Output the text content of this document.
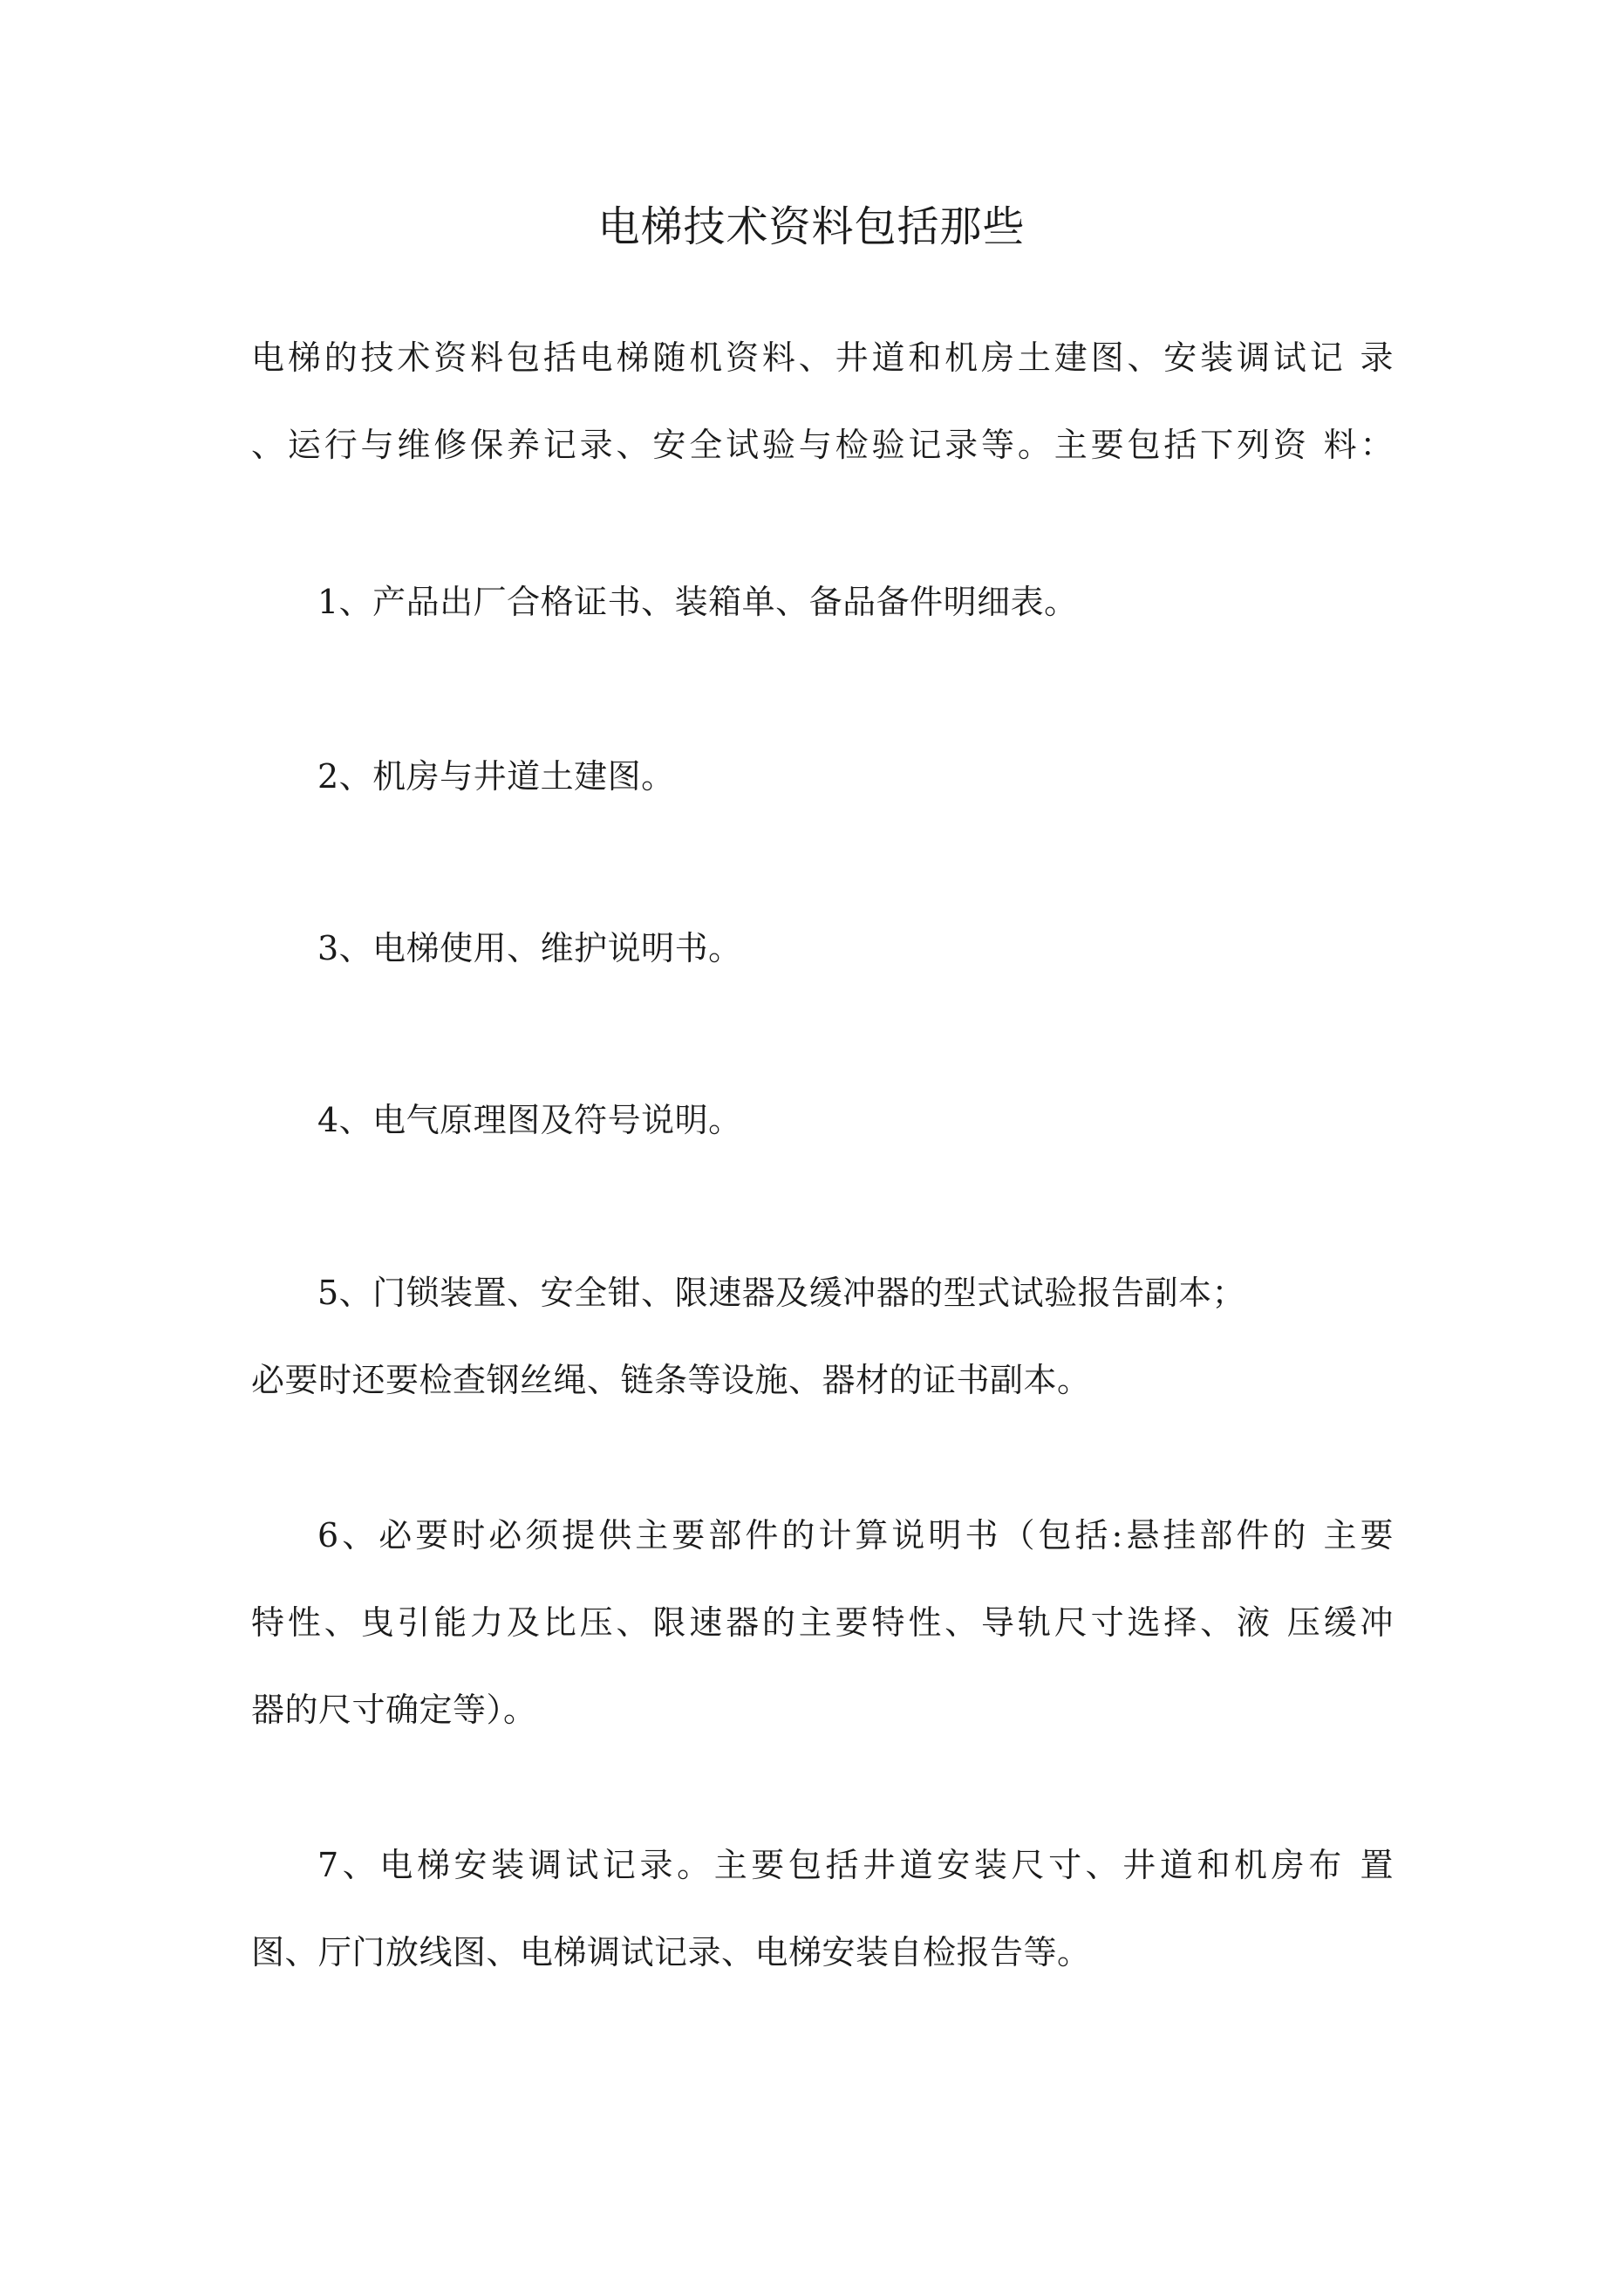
电梯技术资料包括那些
电梯的技术资料包括电梯随机资料、井道和机房土建图、安装调试记 录
、运行与维修保养记录、安全试验与检验记录等。主要包括下列资 料：
1、产品出厂合格证书、装箱单、备品备件明细表。
2、机房与井道土建图。
3、电梯使用、维护说明书。
4、电气原理图及符号说明。
5、门锁装置、安全钳、限速器及缓冲器的型式试验报告副本；
必要时还要检查钢丝绳、链条等设施、器材的证书副本。
6、必要时必须提供主要部件的计算说明书（包括:悬挂部件的 主要
特性、曳引能力及比压、限速器的主要特性、导轨尺寸选择、液 压缓冲
器的尺寸确定等）。
7、电梯安装调试记录。主要包括井道安装尺寸、井道和机房布 置
图、厅门放线图、电梯调试记录、电梯安装自检报告等。
